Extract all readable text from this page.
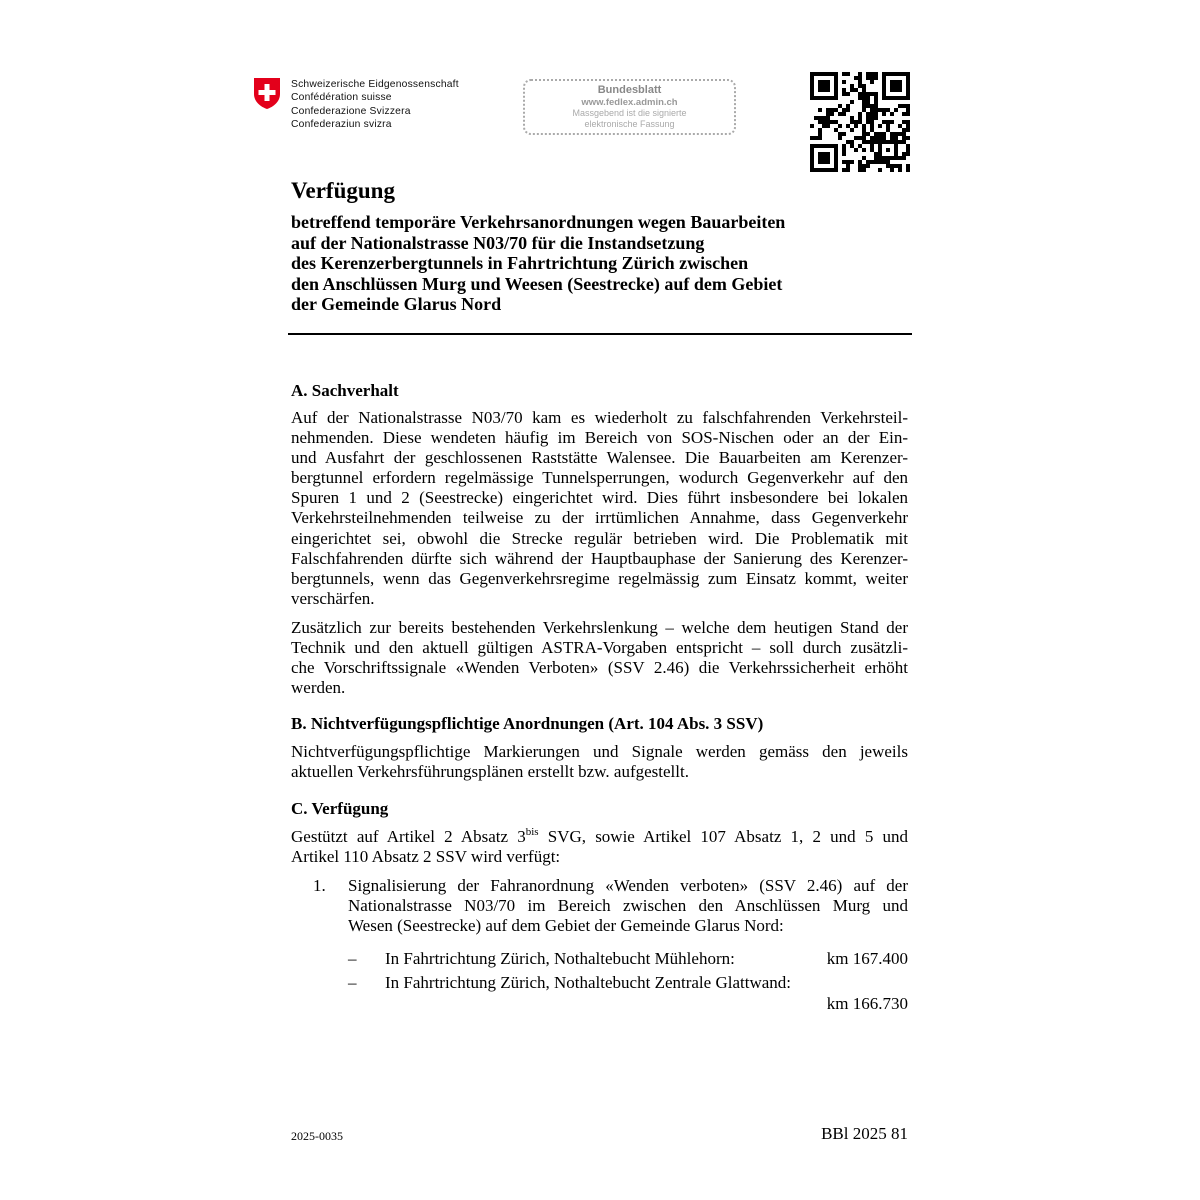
Schweizerische Eidgenossenschaft
Confédération suisse
Confederazione Svizzera
Confederaziun svizra
Bundesblatt
www.fedlex.admin.ch
Massgebend ist die signierte
elektronische Fassung
Verfügung
betreffend temporäre Verkehrsanordnungen wegen Bauarbeiten
auf der Nationalstrasse N03/70 für die Instandsetzung
des Kerenzerbergtunnels in Fahrtrichtung Zürich zwischen
den Anschlüssen Murg und Weesen (Seestrecke) auf dem Gebiet
der Gemeinde Glarus Nord
A. Sachverhalt
Auf der Nationalstrasse N03/70 kam es wiederholt zu falschfahrenden Verkehrsteil-
nehmenden. Diese wendeten häufig im Bereich von SOS-Nischen oder an der Ein-
und Ausfahrt der geschlossenen Raststätte Walensee. Die Bauarbeiten am Kerenzer-
bergtunnel erfordern regelmässige Tunnelsperrungen, wodurch Gegenverkehr auf den
Spuren 1 und 2 (Seestrecke) eingerichtet wird. Dies führt insbesondere bei lokalen
Verkehrsteilnehmenden teilweise zu der irrtümlichen Annahme, dass Gegenverkehr
eingerichtet sei, obwohl die Strecke regulär betrieben wird. Die Problematik mit
Falschfahrenden dürfte sich während der Hauptbauphase der Sanierung des Kerenzer-
bergtunnels, wenn das Gegenverkehrsregime regelmässig zum Einsatz kommt, weiter
verschärfen.
Zusätzlich zur bereits bestehenden Verkehrslenkung – welche dem heutigen Stand der
Technik und den aktuell gültigen ASTRA-Vorgaben entspricht – soll durch zusätzli-
che Vorschriftssignale «Wenden Verboten» (SSV 2.46) die Verkehrssicherheit erhöht
werden.
B. Nichtverfügungspflichtige Anordnungen (Art. 104 Abs. 3 SSV)
Nichtverfügungspflichtige Markierungen und Signale werden gemäss den jeweils
aktuellen Verkehrsführungsplänen erstellt bzw. aufgestellt.
C. Verfügung
Gestützt auf Artikel 2 Absatz $3^{bis}$ SVG, sowie Artikel 107 Absatz 1, 2 und 5 und
Artikel 110 Absatz 2 SSV wird verfügt:
1. Signalisierung der Fahranordnung «Wenden verboten» (SSV 2.46) auf der
Nationalstrasse N03/70 im Bereich zwischen den Anschlüssen Murg und
Wesen (Seestrecke) auf dem Gebiet der Gemeinde Glarus Nord:
– In Fahrtrichtung Zürich, Nothaltebucht Mühlehorn:	km 167.400
– In Fahrtrichtung Zürich, Nothaltebucht Zentrale Glattwand:
km 166.730
2025-0035	BBl 2025 81
